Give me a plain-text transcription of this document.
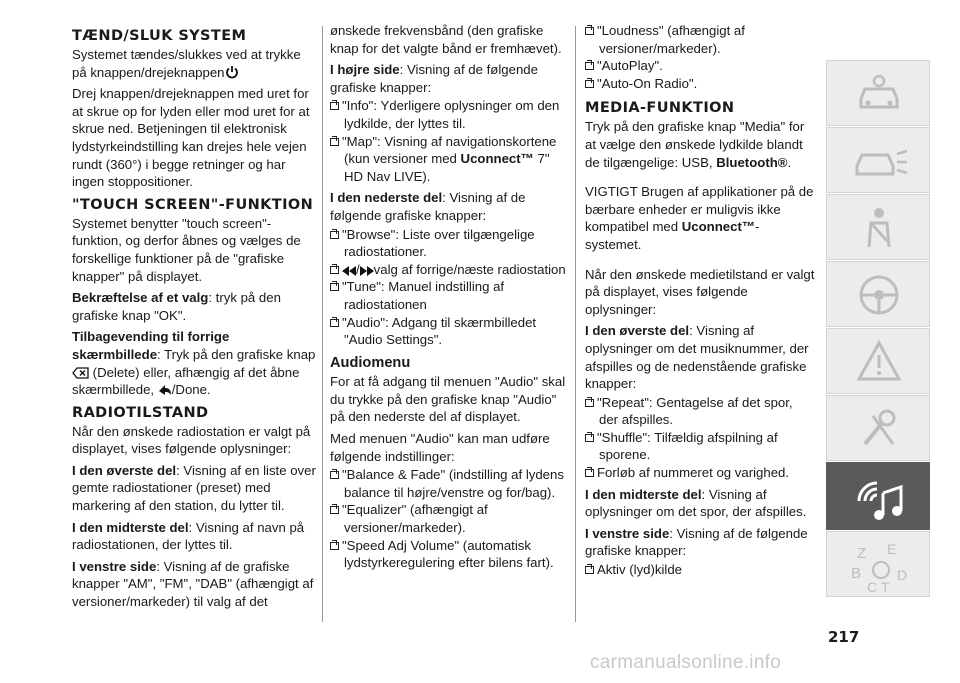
TÆND/SLUK SYSTEM

Systemet tændes/slukkes ved at trykke på knappen/drejeknappen

Drej knappen/drejeknappen med uret for at skrue op for lyden eller mod uret for at skrue ned. Betjeningen til elektronisk lydstyrkeindstilling kan drejes hele vejen rundt (360°) i begge retninger og har ingen stoppositioner.

"TOUCH SCREEN"-FUNKTION

Systemet benytter "touch screen"-funktion, og derfor åbnes og vælges de forskellige funktioner på de "grafiske knapper" på displayet.

Bekræftelse af et valg: tryk på den grafiske knap "OK".

Tilbagevending til forrige skærmbillede: Tryk på den grafiske knap  (Delete) eller, afhængig af det åbne skærmbillede, /Done.

RADIOTILSTAND

Når den ønskede radiostation er valgt på displayet, vises følgende oplysninger:

I den øverste del: Visning af en liste over gemte radiostationer (preset) med markering af den station, du lytter til.

I den midterste del: Visning af navn på radiostationen, der lyttes til.

I venstre side: Visning af de grafiske knapper "AM", "FM", "DAB" (afhængigt af versioner/markeder) til valg af det

ønskede frekvensbånd (den grafiske knap for det valgte bånd er fremhævet).

I højre side: Visning af de følgende grafiske knapper:

"Info": Yderligere oplysninger om den lydkilde, der lyttes til.

"Map": Visning af navigationskortene (kun versioner med Uconnect™ 7" HD Nav LIVE).

I den nederste del: Visning af de følgende grafiske knapper:

"Browse": Liste over tilgængelige radiostationer.

/ valg af forrige/næste radiostation

"Tune": Manuel indstilling af radiostationen

"Audio": Adgang til skærmbilledet "Audio Settings".

Audiomenu

For at få adgang til menuen "Audio" skal du trykke på den grafiske knap "Audio" på den nederste del af displayet.

Med menuen "Audio" kan man udføre følgende indstillinger:

"Balance & Fade" (indstilling af lydens balance til højre/venstre og for/bag).

"Equalizer" (afhængigt af versioner/markeder).

"Speed Adj Volume" (automatisk lydstyrkeregulering efter bilens fart).

"Loudness" (afhængigt af versioner/markeder).

"AutoPlay".

"Auto-On Radio".

MEDIA-FUNKTION

Tryk på den grafiske knap "Media" for at vælge den ønskede lydkilde blandt de tilgængelige: USB, Bluetooth®.

VIGTIGT Brugen af applikationer på de bærbare enheder er muligvis ikke kompatibel med Uconnect™-systemet.

Når den ønskede medietilstand er valgt på displayet, vises følgende oplysninger:

I den øverste del: Visning af oplysninger om det musiknummer, der afspilles og de nedenstående grafiske knapper:

"Repeat": Gentagelse af det spor, der afspilles.

"Shuffle": Tilfældig afspilning af sporene.

Forløb af nummeret og varighed.

I den midterste del: Visning af oplysninger om det spor, der afspilles.

I venstre side: Visning af de følgende grafiske knapper:

Aktiv (lyd)kilde

Z E
B
C T
D
217
carmanualsonline.info
